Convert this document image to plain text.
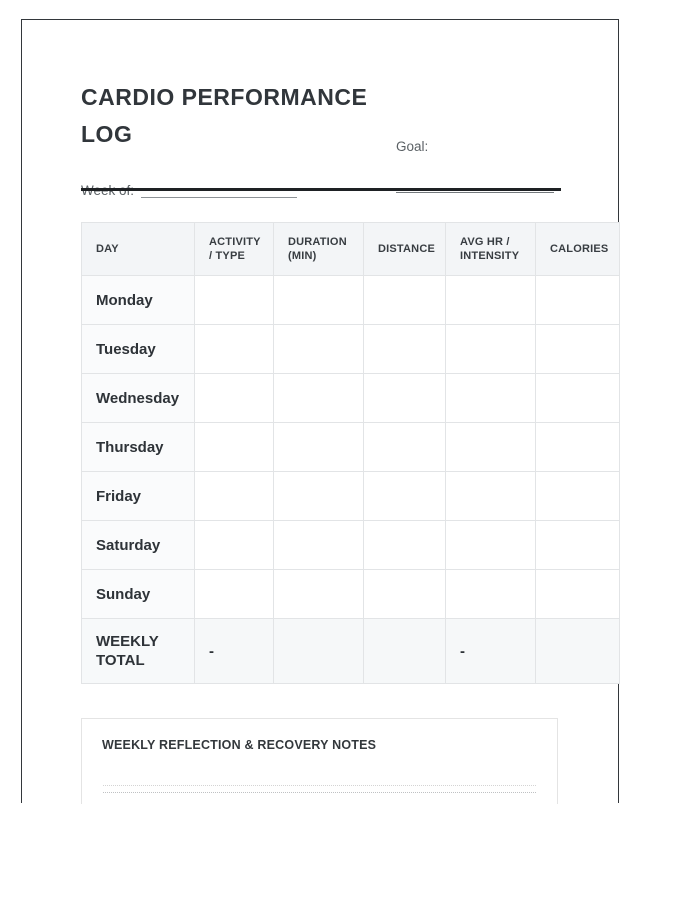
CARDIO PERFORMANCE LOG	Goal:
DAY	ACTIVITY / TYPE	DURATION (MIN)	DISTANCE	AVG HR / INTENSITY	CALORIES
Monday					
Tuesday					
Wednesday					
Thursday					
Friday					
Saturday					
Sunday					
WEEKLY TOTAL	-			-	
WEEKLY REFLECTION & RECOVERY NOTES
